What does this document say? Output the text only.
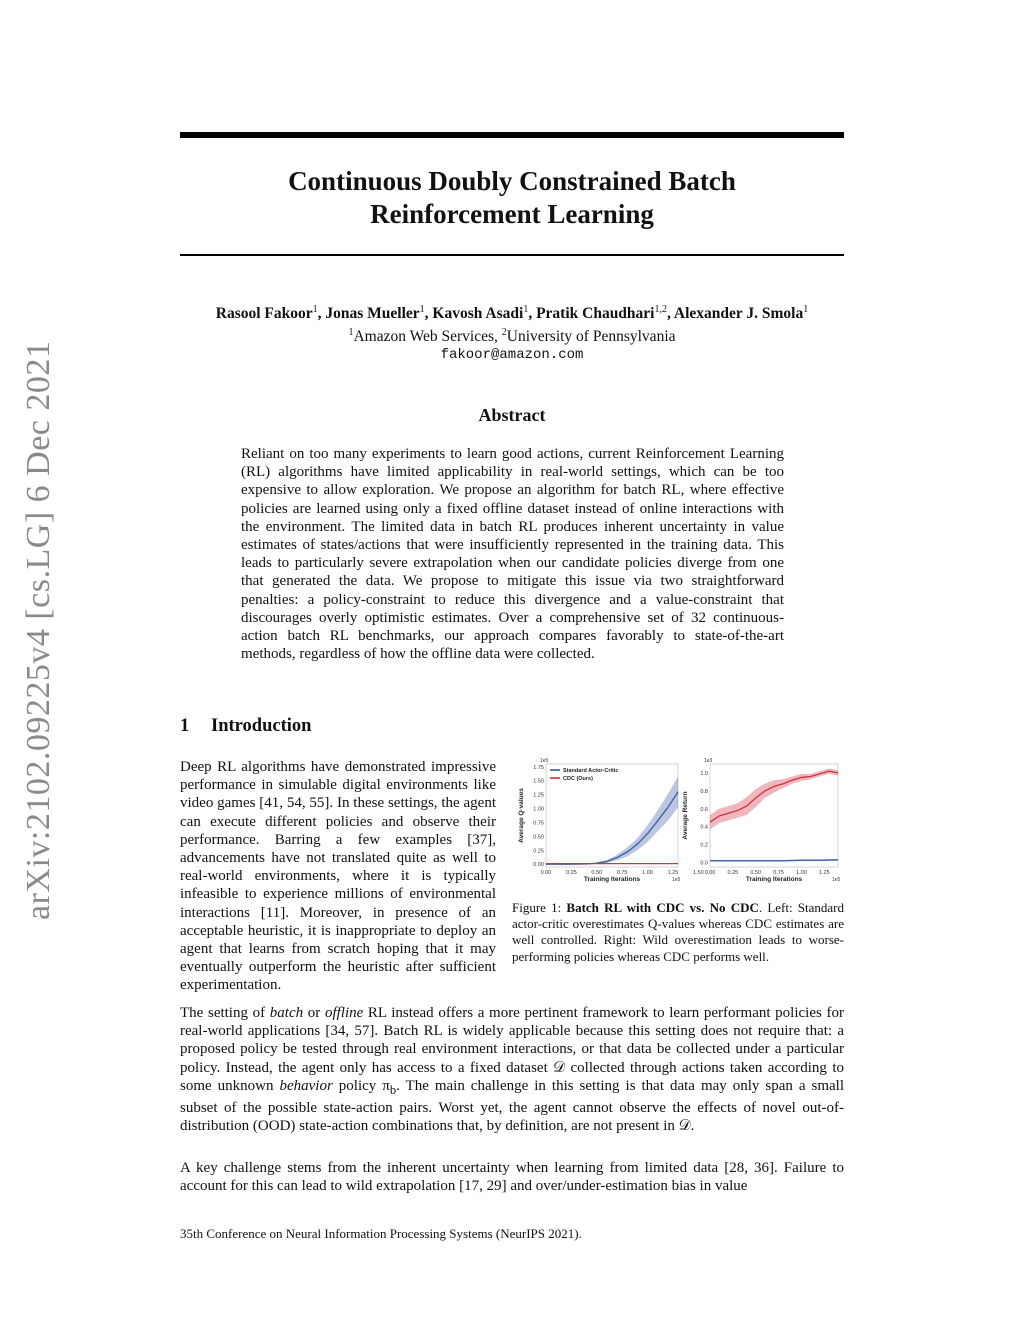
arXiv:2102.09225v4 [cs.LG] 6 Dec 2021
Continuous Doubly Constrained Batch
Reinforcement Learning
Rasool Fakoor$^1$, Jonas Mueller$^1$, Kavosh Asadi$^1$, Pratik Chaudhari$^{1,2}$, Alexander J. Smola$^1$
$^1$Amazon Web Services, $^2$University of Pennsylvania
fakoor@amazon.com
Abstract
Reliant on too many experiments to learn good actions, current Reinforcement Learning (RL) algorithms have limited applicability in real-world settings, which can be too expensive to allow exploration. We propose an algorithm for batch RL, where effective policies are learned using only a fixed offline dataset instead of online interactions with the environment. The limited data in batch RL produces inherent uncertainty in value estimates of states/actions that were insufficiently represented in the training data. This leads to particularly severe extrapolation when our candidate policies diverge from one that generated the data. We propose to mitigate this issue via two straightforward penalties: a policy-constraint to reduce this divergence and a value-constraint that discourages overly optimistic estimates. Over a comprehensive set of 32 continuous-action batch RL benchmarks, our approach compares favorably to state-of-the-art methods, regardless of how the offline data were collected.
1 Introduction
Deep RL algorithms have demonstrated impressive performance in simulable digital environments like video games [41, 54, 55]. In these settings, the agent can execute different policies and observe their performance. Barring a few examples [37], advancements have not translated quite as well to real-world environments, where it is typically infeasible to experience millions of environmental interactions [11]. Moreover, in presence of an acceptable heuristic, it is inappropriate to deploy an agent that learns from scratch hoping that it may eventually outperform the heuristic after sufficient experimentation.
0.00
0.25
0.50
0.75
1.00
1.25
1.50
1.75
0.00	0.25	0.50	0.75	1.00	1.25	1.50
Training Iterations
Average Q-values
1e5
1e5
Standard Actor-Critic
CDC (Ours)
0.0
0.2
0.4
0.6
0.8
1.0
0.00 0.25 0.50 0.75 1.00 1.25
Training Iterations
Average Return
1e3
1e5
Figure 1: Batch RL with CDC vs. No CDC. Left: Standard actor-critic overestimates Q-values whereas CDC estimates are well controlled. Right: Wild overestimation leads to worse-performing policies whereas CDC performs well.
The setting of batch or offline RL instead offers a more pertinent framework to learn performant policies for real-world applications [34, 57]. Batch RL is widely applicable because this setting does not require that: a proposed policy be tested through real environment interactions, or that data be collected under a particular policy. Instead, the agent only has access to a fixed dataset 𝒟 collected through actions taken according to some unknown behavior policy $\pi_b$. The main challenge in this setting is that data may only span a small subset of the possible state-action pairs. Worst yet, the agent cannot observe the effects of novel out-of-distribution (OOD) state-action combinations that, by definition, are not present in 𝒟.
A key challenge stems from the inherent uncertainty when learning from limited data [28, 36]. Failure to account for this can lead to wild extrapolation [17, 29] and over/under-estimation bias in value
35th Conference on Neural Information Processing Systems (NeurIPS 2021).
